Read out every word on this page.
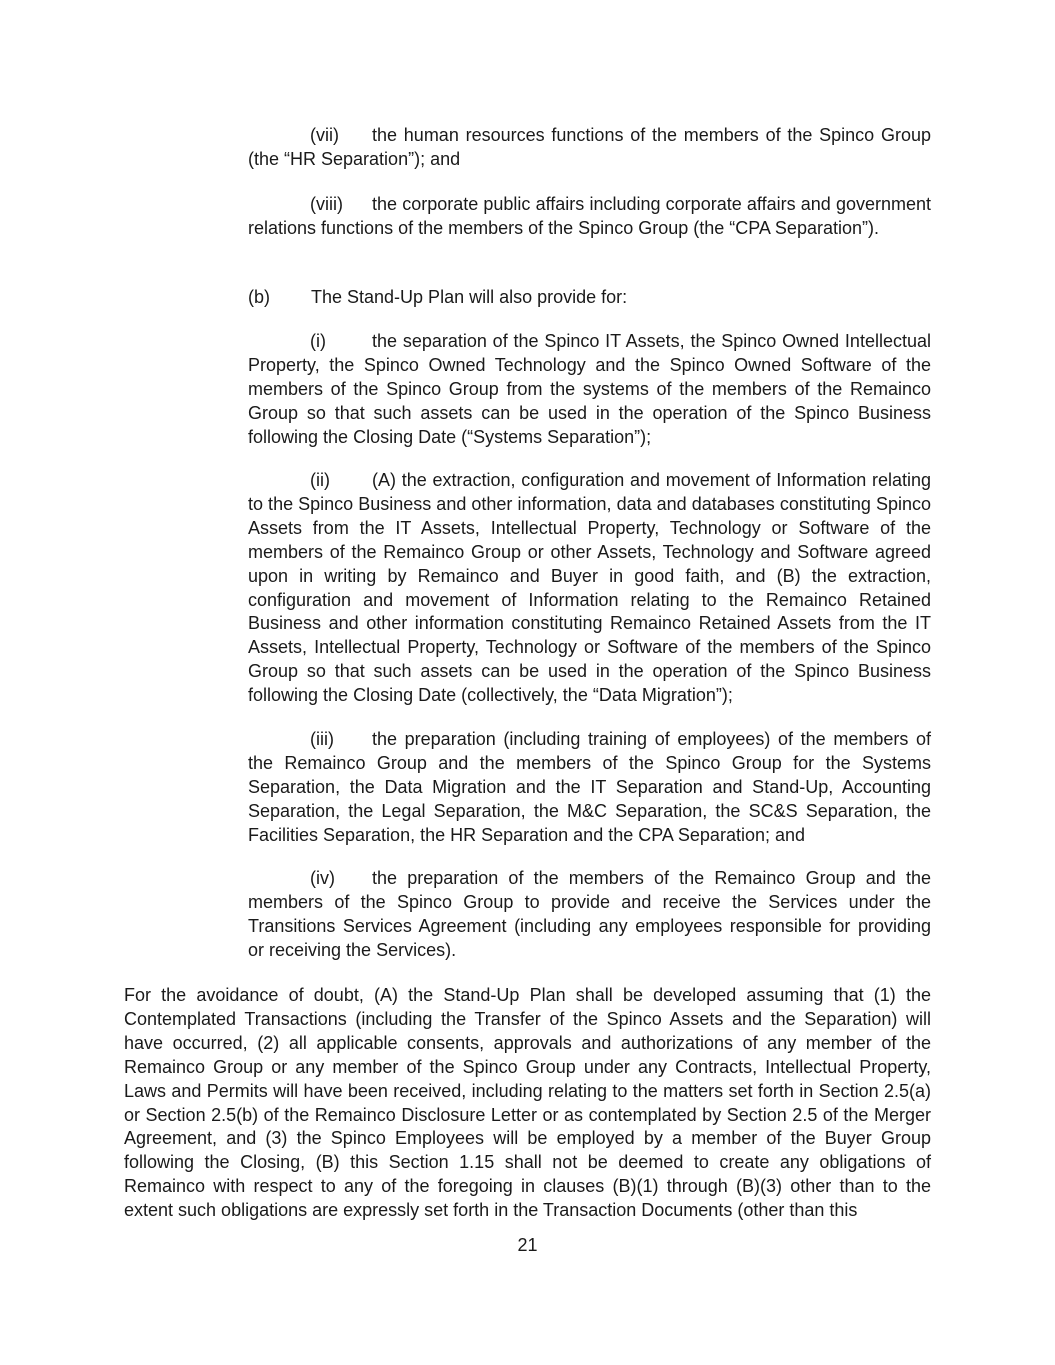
(vii) the human resources functions of the members of the Spinco Group (the “HR Separation”); and

(viii) the corporate public affairs including corporate affairs and government relations functions of the members of the Spinco Group (the “CPA Separation”).

(b) The Stand-Up Plan will also provide for:

(i)	the separation of the Spinco IT Assets, the Spinco Owned Intellectual Property, the Spinco Owned Technology and the Spinco Owned Software of the members of the Spinco Group from the systems of the members of the Remainco Group so that such assets can be used in the operation of the Spinco Business following the Closing Date (“Systems Separation”);

(ii) (A) the extraction, configuration and movement of Information relating to the Spinco Business and other information, data and databases constituting Spinco Assets from the IT Assets, Intellectual Property, Technology or Software of the members of the Remainco Group or other Assets, Technology and Software agreed upon in writing by Remainco and Buyer in good faith, and (B) the extraction, configuration and movement of Information relating to the Remainco Retained Business and other information constituting Remainco Retained Assets from the IT Assets, Intellectual Property, Technology or Software of the members of the Spinco Group so that such assets can be used in the operation of the Spinco Business following the Closing Date (collectively, the “Data Migration”);

(iii) the preparation (including training of employees) of the members of the Remainco Group and the members of the Spinco Group for the Systems Separation, the Data Migration and the IT Separation and Stand-Up, Accounting Separation, the Legal Separation, the M&C Separation, the SC&S Separation, the Facilities Separation, the HR Separation and the CPA Separation; and

(iv) the preparation of the members of the Remainco Group and the members of the Spinco Group to provide and receive the Services under the Transitions Services Agreement (including any employees responsible for providing or receiving the Services).

For the avoidance of doubt, (A) the Stand-Up Plan shall be developed assuming that (1) the Contemplated Transactions (including the Transfer of the Spinco Assets and the Separation) will have occurred, (2) all applicable consents, approvals and authorizations of any member of the Remainco Group or any member of the Spinco Group under any Contracts, Intellectual Property, Laws and Permits will have been received, including relating to the matters set forth in Section 2.5(a) or Section 2.5(b) of the Remainco Disclosure Letter or as contemplated by Section 2.5 of the Merger Agreement, and (3) the Spinco Employees will be employed by a member of the Buyer Group following the Closing, (B) this Section 1.15 shall not be deemed to create any obligations of Remainco with respect to any of the foregoing in clauses (B)(1) through (B)(3) other than to the extent such obligations are expressly set forth in the Transaction Documents (other than this

21
